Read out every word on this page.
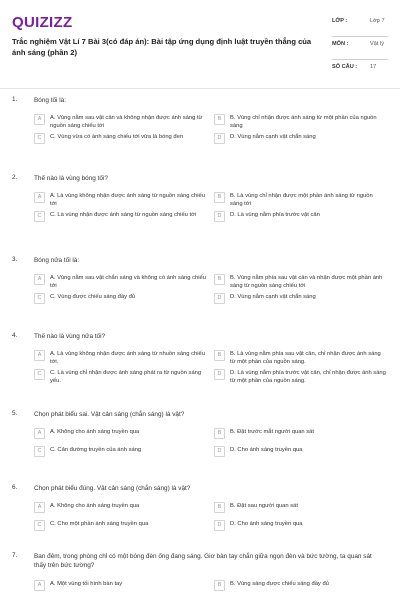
QUIZIZZ
Trắc nghiệm Vật Lí 7 Bài 3(có đáp án): Bài tập ứng dụng định luật truyền thẳng của ánh sáng (phần 2)
LỚP :	Lớp 7
MÔN :	Vật lý
SỐ CÂU : 17
1.	Bóng tối là:
A	A. Vùng nằm sau vật cản và không nhận được ánh sáng từ nguồn sáng chiếu tới
B	B. Vùng chỉ nhận được ánh sáng từ một phần của nguồn sáng
C	C. Vùng vừa có ánh sáng chiếu tới vừa là bóng đen	D	D. Vùng nằm cạnh vật chắn sáng
2.	Thế nào là vùng bóng tối?
A	A. Là vùng không nhận được ánh sáng từ nguồn sáng chiếu tới
B	B. Là vùng chỉ nhận được một phần ánh sáng từ nguồn sáng tới
C	C. Là vùng nhận được ánh sáng từ nguồn sáng chiếu tới	D	D. Là vùng nằm phía trước vật cản
3.	Bóng nửa tối là:
A	A. Vùng nằm sau vật chắn sáng và không có ánh sáng chiếu tới
B	B. Vùng nằm phía sau vật cản và nhận được một phần ánh sáng từ nguồn sáng chiếu tới
C	C. Vùng được chiếu sáng đầy đủ	D	D. Vùng nằm cạnh vật chắn sáng
4.	Thế nào là vùng nửa tối?
A	A. Là vùng không nhận được ánh sáng từ nhuồn sáng chiếu tới.
B	B. Là vùng nằm phía sau vật cản, chỉ nhận được ánh sáng từ một phần của nguồn sáng.
C	C. Là vùng chỉ nhận được ánh sáng phát ra từ nguồn sáng yếu.
D	D. Là vùng nằm phía trước vật cản, chỉ nhận được ánh sáng từ một phần của nguồn sáng.
5.	Chọn phát biểu sai. Vật cản sáng (chắn sáng) là vật?
A	A. Không cho ánh sáng truyền qua	B	B. Đặt trước mắt người quan sát
C	C. Cản đường truyền của ánh sáng	D	D. Cho ánh sáng truyền qua
6.	Chọn phát biểu đúng. Vật cản sáng (chắn sáng) là vật?
A	A. Không cho ánh sáng truyền qua	B	B. Đặt sau người quan sát
C	C. Cho một phần ánh sáng truyền qua	D	D. Cho ánh sáng truyền qua
7.	Ban đêm, trong phòng chỉ có một bóng đèn ống đang sáng. Giơ bàn tay chắn giữa ngọn đèn và bức tường, ta quan sát thấy trên bức tường?
A	A. Một vùng tối hình bàn tay	B	B. Vùng sáng được chiếu sáng đầy đủ
